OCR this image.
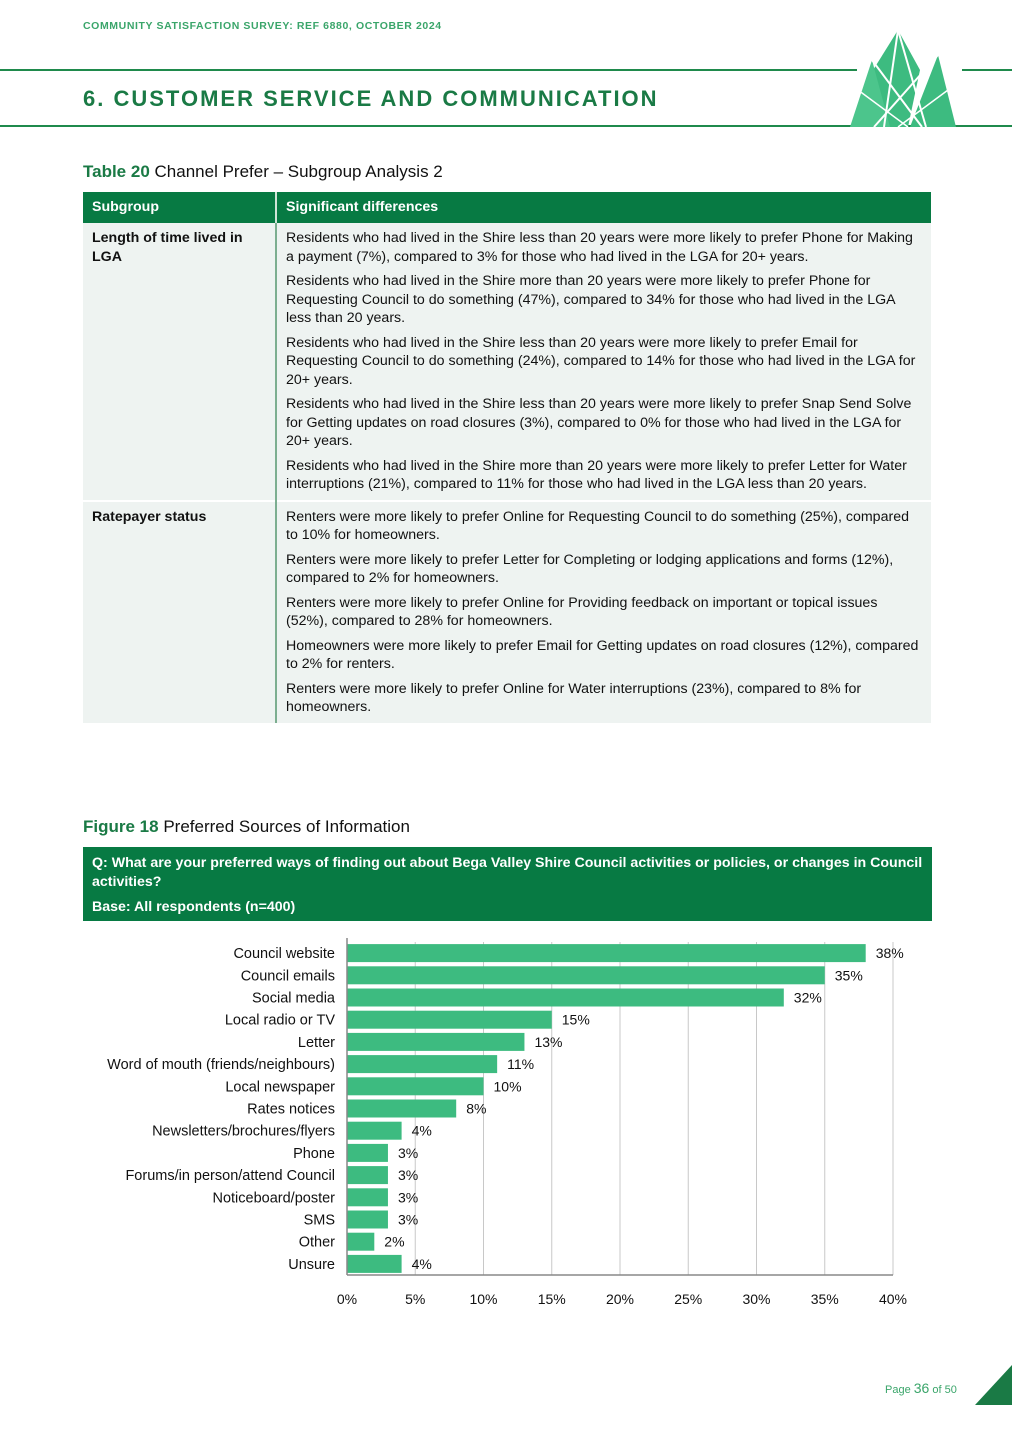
COMMUNITY SATISFACTION SURVEY: REF 6880, OCTOBER 2024
6. CUSTOMER SERVICE AND COMMUNICATION
Table 20 Channel Prefer – Subgroup Analysis 2
Subgroup	Significant differences
Length of time lived in LGA	Residents who had lived in the Shire less than 20 years were more likely to prefer Phone for Making a payment (7%), compared to 3% for those who had lived in the LGA for 20+ years.

Residents who had lived in the Shire more than 20 years were more likely to prefer Phone for Requesting Council to do something (47%), compared to 34% for those who had lived in the LGA less than 20 years.

Residents who had lived in the Shire less than 20 years were more likely to prefer Email for Requesting Council to do something (24%), compared to 14% for those who had lived in the LGA for 20+ years.

Residents who had lived in the Shire less than 20 years were more likely to prefer Snap Send Solve for Getting updates on road closures (3%), compared to 0% for those who had lived in the LGA for 20+ years.

Residents who had lived in the Shire more than 20 years were more likely to prefer Letter for Water interruptions (21%), compared to 11% for those who had lived in the LGA less than 20 years.

Ratepayer status	Renters were more likely to prefer Online for Requesting Council to do something (25%), compared to 10% for homeowners.

Renters were more likely to prefer Letter for Completing or lodging applications and forms (12%), compared to 2% for homeowners.

Renters were more likely to prefer Online for Providing feedback on important or topical issues (52%), compared to 28% for homeowners.

Homeowners were more likely to prefer Email for Getting updates on road closures (12%), compared to 2% for renters.

Renters were more likely to prefer Online for Water interruptions (23%), compared to 8% for homeowners.

Figure 18 Preferred Sources of Information
Q: What are your preferred ways of finding out about Bega Valley Shire Council activities or policies, or changes in Council activities?
Base: All respondents (n=400)
Council website	38%
Council emails	35%
Social media	32%
Local radio or TV	15%
Letter	13%
Word of mouth (friends/neighbours)	11%
Local newspaper	10%
Rates notices	8%
Newsletters/brochures/flyers	4%
Phone	3%
Forums/in person/attend Council	3%
Noticeboard/poster	3%
SMS	3%
Other	2%
Unsure	4%
0%	5%	10%	15%	20%	25%	30%	35%	40%
Page 36 of 50
